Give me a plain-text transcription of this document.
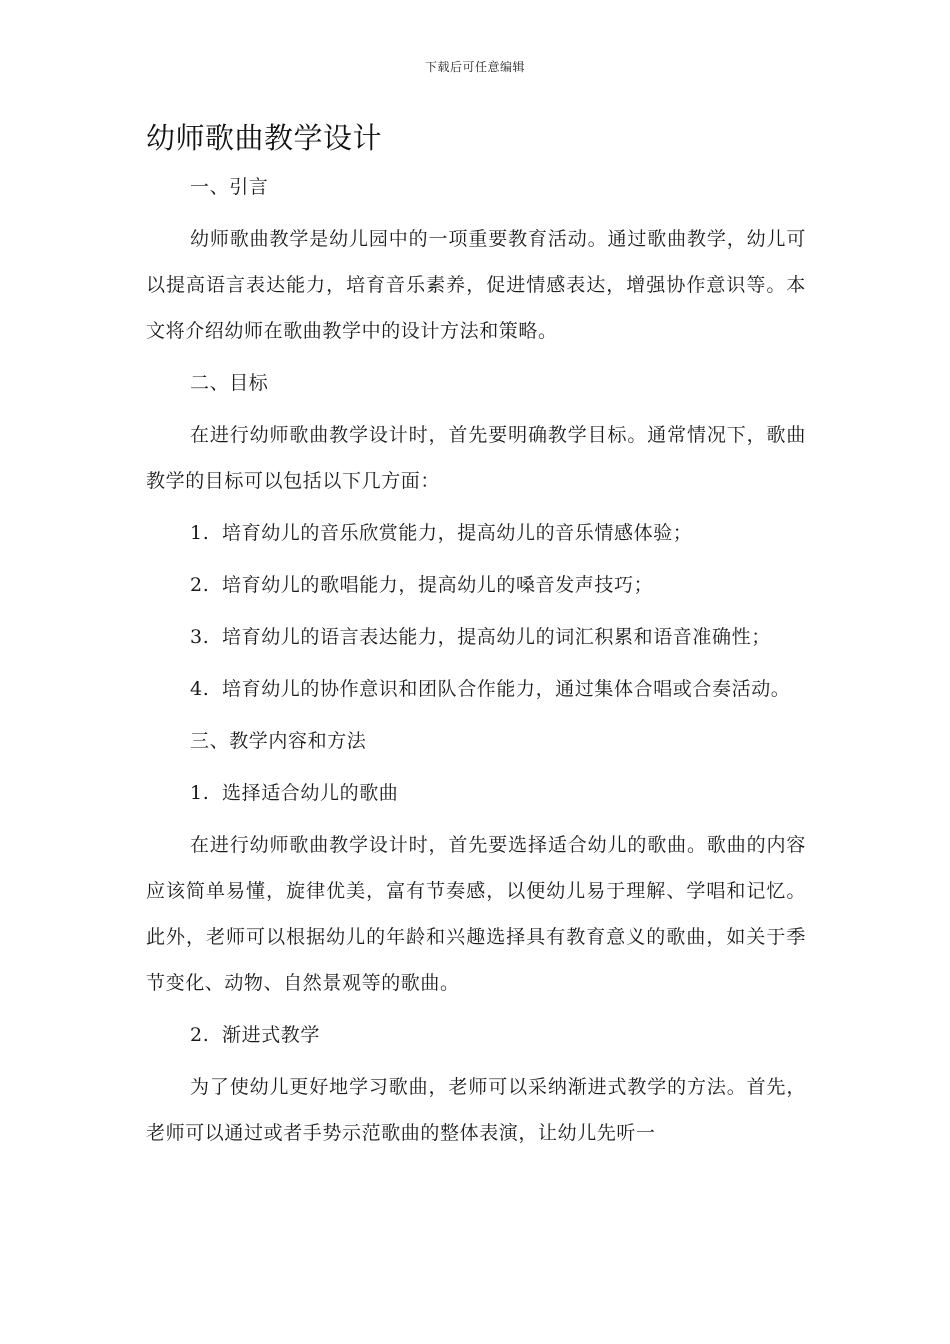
下载后可任意编辑
幼师歌曲教学设计

一、引言

幼师歌曲教学是幼儿园中的一项重要教育活动。通过歌曲教学，幼儿可以提高语言表达能力，培育音乐素养，促进情感表达，增强协作意识等。本文将介绍幼师在歌曲教学中的设计方法和策略。

二、目标

在进行幼师歌曲教学设计时，首先要明确教学目标。通常情况下，歌曲教学的目标可以包括以下几方面：

1. 培育幼儿的音乐欣赏能力，提高幼儿的音乐情感体验；

2. 培育幼儿的歌唱能力，提高幼儿的嗓音发声技巧；

3. 培育幼儿的语言表达能力，提高幼儿的词汇积累和语音准确性；

4. 培育幼儿的协作意识和团队合作能力，通过集体合唱或合奏活动。

三、教学内容和方法

1. 选择适合幼儿的歌曲

在进行幼师歌曲教学设计时，首先要选择适合幼儿的歌曲。歌曲的内容应该简单易懂，旋律优美，富有节奏感，以便幼儿易于理解、学唱和记忆。此外，老师可以根据幼儿的年龄和兴趣选择具有教育意义的歌曲，如关于季节变化、动物、自然景观等的歌曲。

2. 渐进式教学

为了使幼儿更好地学习歌曲，老师可以采纳渐进式教学的方法。首先，老师可以通过或者手势示范歌曲的整体表演，让幼儿先听一
